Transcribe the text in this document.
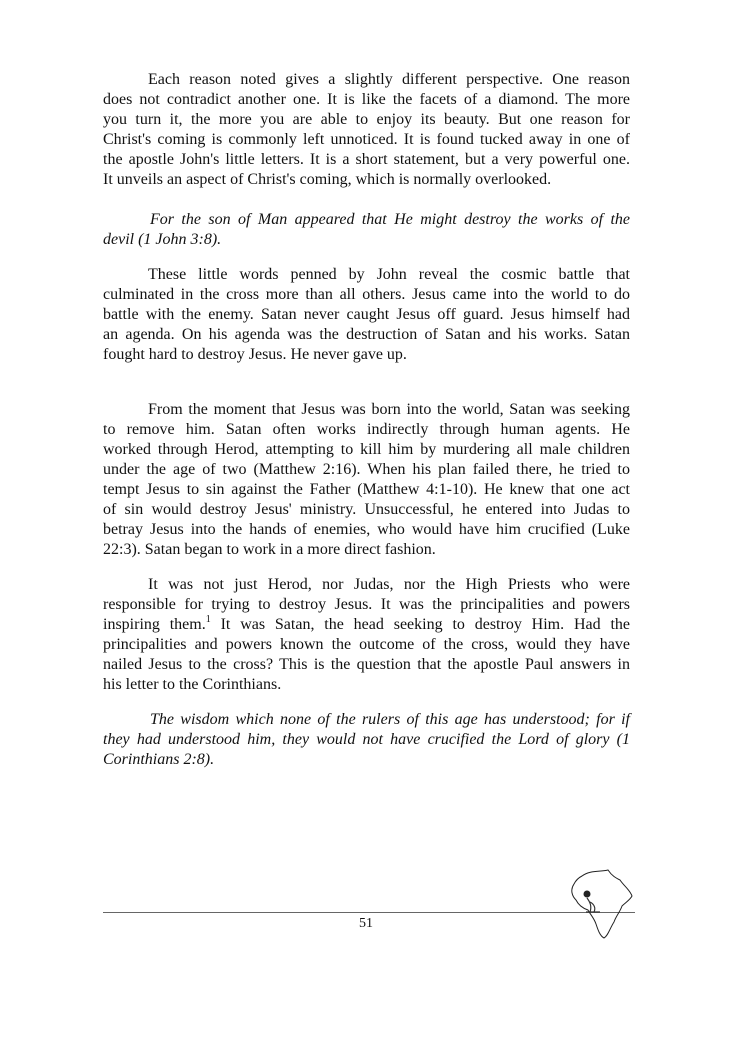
Each reason noted gives a slightly different perspective. One reason
does not contradict another one. It is like the facets of a diamond. The more
you turn it, the more you are able to enjoy its beauty. But one reason for
Christ's coming is commonly left unnoticed. It is found tucked away in one of
the apostle John's little letters. It is a short statement, but a very powerful one.
It unveils an aspect of Christ's coming, which is normally overlooked.
For the son of Man appeared that He might destroy the works of the
devil (1 John 3:8).
These little words penned by John reveal the cosmic battle that
culminated in the cross more than all others. Jesus came into the world to do
battle with the enemy. Satan never caught Jesus off guard. Jesus himself had
an agenda. On his agenda was the destruction of Satan and his works. Satan
fought hard to destroy Jesus. He never gave up.
From the moment that Jesus was born into the world, Satan was seeking
to remove him. Satan often works indirectly through human agents. He
worked through Herod, attempting to kill him by murdering all male children
under the age of two (Matthew 2:16). When his plan failed there, he tried to
tempt Jesus to sin against the Father (Matthew 4:1-10). He knew that one act
of sin would destroy Jesus' ministry. Unsuccessful, he entered into Judas to
betray Jesus into the hands of enemies, who would have him crucified (Luke
22:3). Satan began to work in a more direct fashion.
It was not just Herod, nor Judas, nor the High Priests who were
responsible for trying to destroy Jesus. It was the principalities and powers
inspiring them.$^1$ It was Satan, the head seeking to destroy Him. Had the
principalities and powers known the outcome of the cross, would they have
nailed Jesus to the cross? This is the question that the apostle Paul answers in
his letter to the Corinthians.
The wisdom which none of the rulers of this age has understood; for if
they had understood him, they would not have crucified the Lord of glory (1
Corinthians 2:8).
51
